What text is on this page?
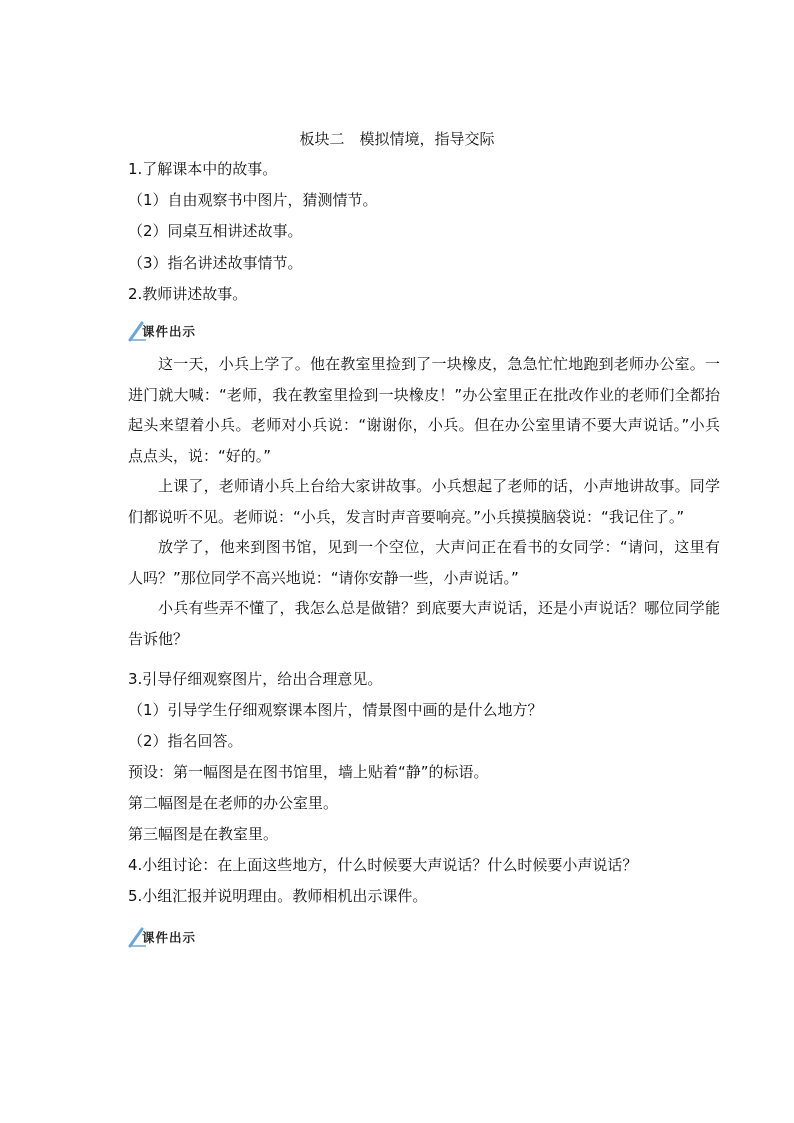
板块二　模拟情境，指导交际
1.了解课本中的故事。
（1）自由观察书中图片，猜测情节。
（2）同桌互相讲述故事。
（3）指名讲述故事情节。
2.教师讲述故事。
课件出示

这一天，小兵上学了。他在教室里捡到了一块橡皮，急急忙忙地跑到老师办公室。一进门就大喊：“老师，我在教室里捡到一块橡皮！”办公室里正在批改作业的老师们全都抬起头来望着小兵。老师对小兵说：“谢谢你，小兵。但在办公室里请不要大声说话。”小兵点点头，说：“好的。”

上课了，老师请小兵上台给大家讲故事。小兵想起了老师的话，小声地讲故事。同学们都说听不见。老师说：“小兵，发言时声音要响亮。”小兵摸摸脑袋说：“我记住了。”

放学了，他来到图书馆，见到一个空位，大声问正在看书的女同学：“请问，这里有人吗？”那位同学不高兴地说：“请你安静一些，小声说话。”

小兵有些弄不懂了，我怎么总是做错？到底要大声说话，还是小声说话？哪位同学能告诉他？

3.引导仔细观察图片，给出合理意见。
（1）引导学生仔细观察课本图片，情景图中画的是什么地方？
（2）指名回答。
预设：第一幅图是在图书馆里，墙上贴着“静”的标语。
第二幅图是在老师的办公室里。
第三幅图是在教室里。
4.小组讨论：在上面这些地方，什么时候要大声说话？什么时候要小声说话？
5.小组汇报并说明理由。教师相机出示课件。
课件出示
